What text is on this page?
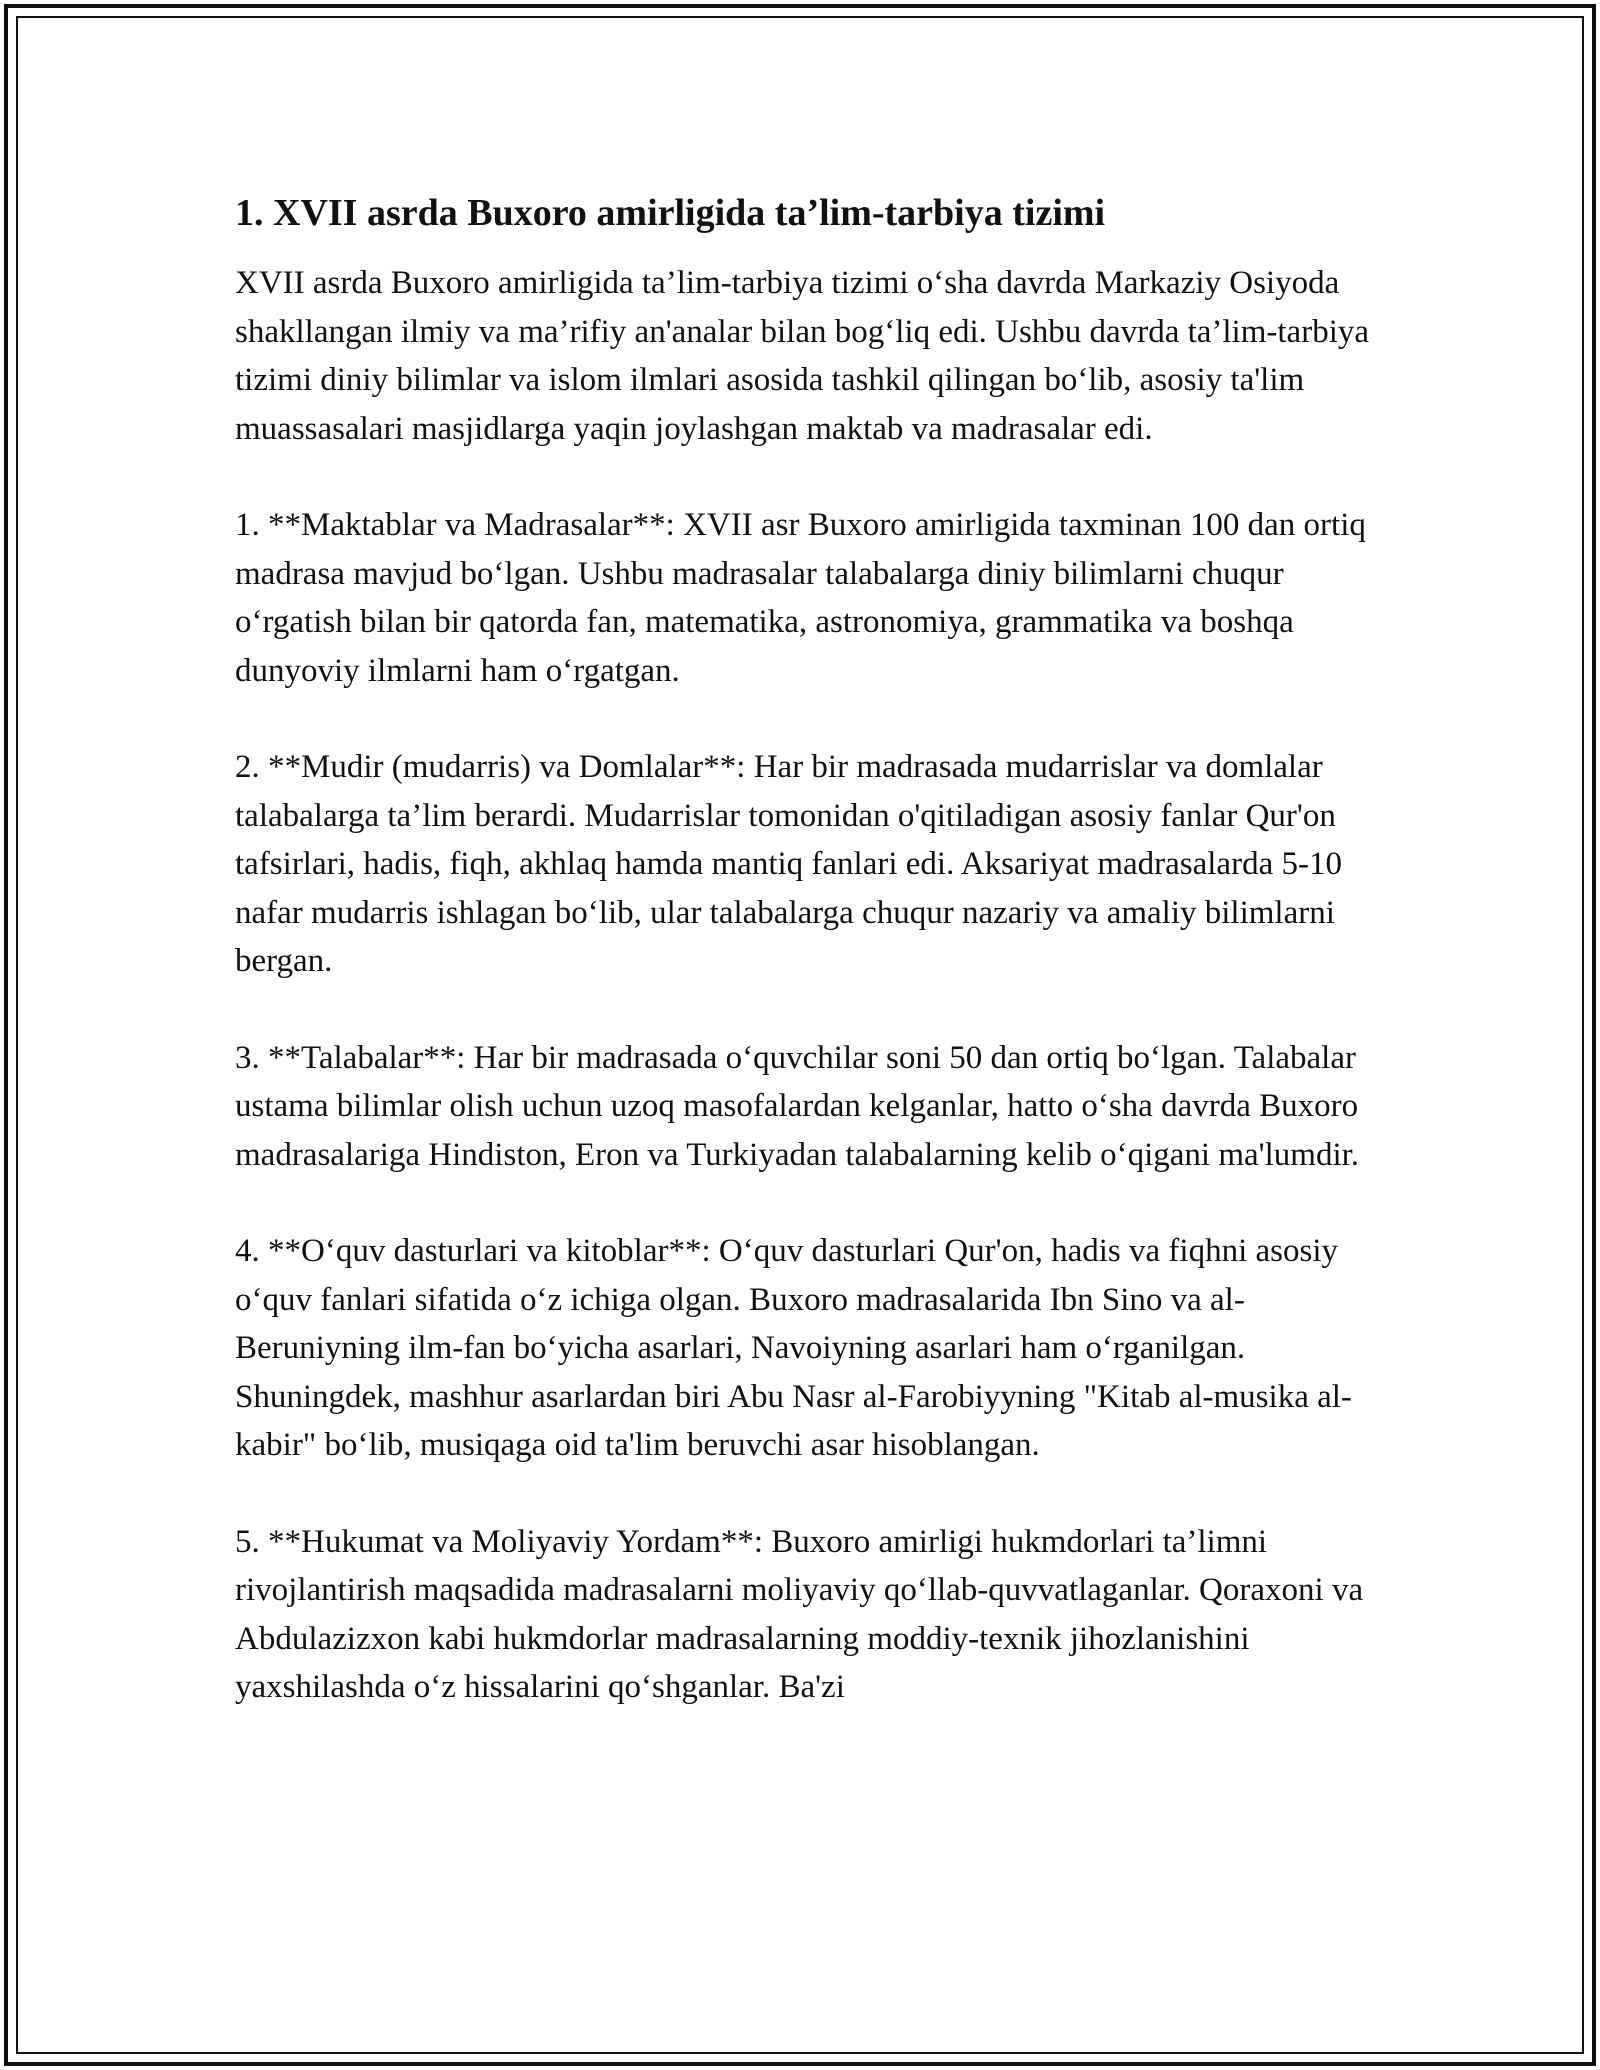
1. XVII asrda Buxoro amirligida ta’lim-tarbiya tizimi
XVII asrda Buxoro amirligida ta’lim-tarbiya tizimi o‘sha davrda Markaziy Osiyoda shakllangan ilmiy va ma’rifiy an'analar bilan bog‘liq edi. Ushbu davrda ta’lim-tarbiya tizimi diniy bilimlar va islom ilmlari asosida tashkil qilingan bo‘lib, asosiy ta'lim muassasalari masjidlarga yaqin joylashgan maktab va madrasalar edi.
1. **Maktablar va Madrasalar**: XVII asr Buxoro amirligida taxminan 100 dan ortiq madrasa mavjud bo‘lgan. Ushbu madrasalar talabalarga diniy bilimlarni chuqur o‘rgatish bilan bir qatorda fan, matematika, astronomiya, grammatika va boshqa dunyoviy ilmlarni ham o‘rgatgan.
2. **Mudir (mudarris) va Domlalar**: Har bir madrasada mudarrislar va domlalar talabalarga ta’lim berardi. Mudarrislar tomonidan o'qitiladigan asosiy fanlar Qur'on tafsirlari, hadis, fiqh, akhlaq hamda mantiq fanlari edi. Aksariyat madrasalarda 5-10 nafar mudarris ishlagan bo‘lib, ular talabalarga chuqur nazariy va amaliy bilimlarni bergan.
3. **Talabalar**: Har bir madrasada o‘quvchilar soni 50 dan ortiq bo‘lgan. Talabalar ustama bilimlar olish uchun uzoq masofalardan kelganlar, hatto o‘sha davrda Buxoro madrasalariga Hindiston, Eron va Turkiyadan talabalarning kelib o‘qigani ma'lumdir.
4. **O‘quv dasturlari va kitoblar**: O‘quv dasturlari Qur'on, hadis va fiqhni asosiy o‘quv fanlari sifatida o‘z ichiga olgan. Buxoro madrasalarida Ibn Sino va al-Beruniyning ilm-fan bo‘yicha asarlari, Navoiyning asarlari ham o‘rganilgan. Shuningdek, mashhur asarlardan biri Abu Nasr al-Farobiyyning "Kitab al-musika al-kabir" bo‘lib, musiqaga oid ta'lim beruvchi asar hisoblangan.
5. **Hukumat va Moliyaviy Yordam**: Buxoro amirligi hukmdorlari ta’limni rivojlantirish maqsadida madrasalarni moliyaviy qo‘llab-quvvatlaganlar. Qoraxoni va Abdulazizxon kabi hukmdorlar madrasalarning moddiy-texnik jihozlanishini yaxshilashda o‘z hissalarini qo‘shganlar. Ba'zi
